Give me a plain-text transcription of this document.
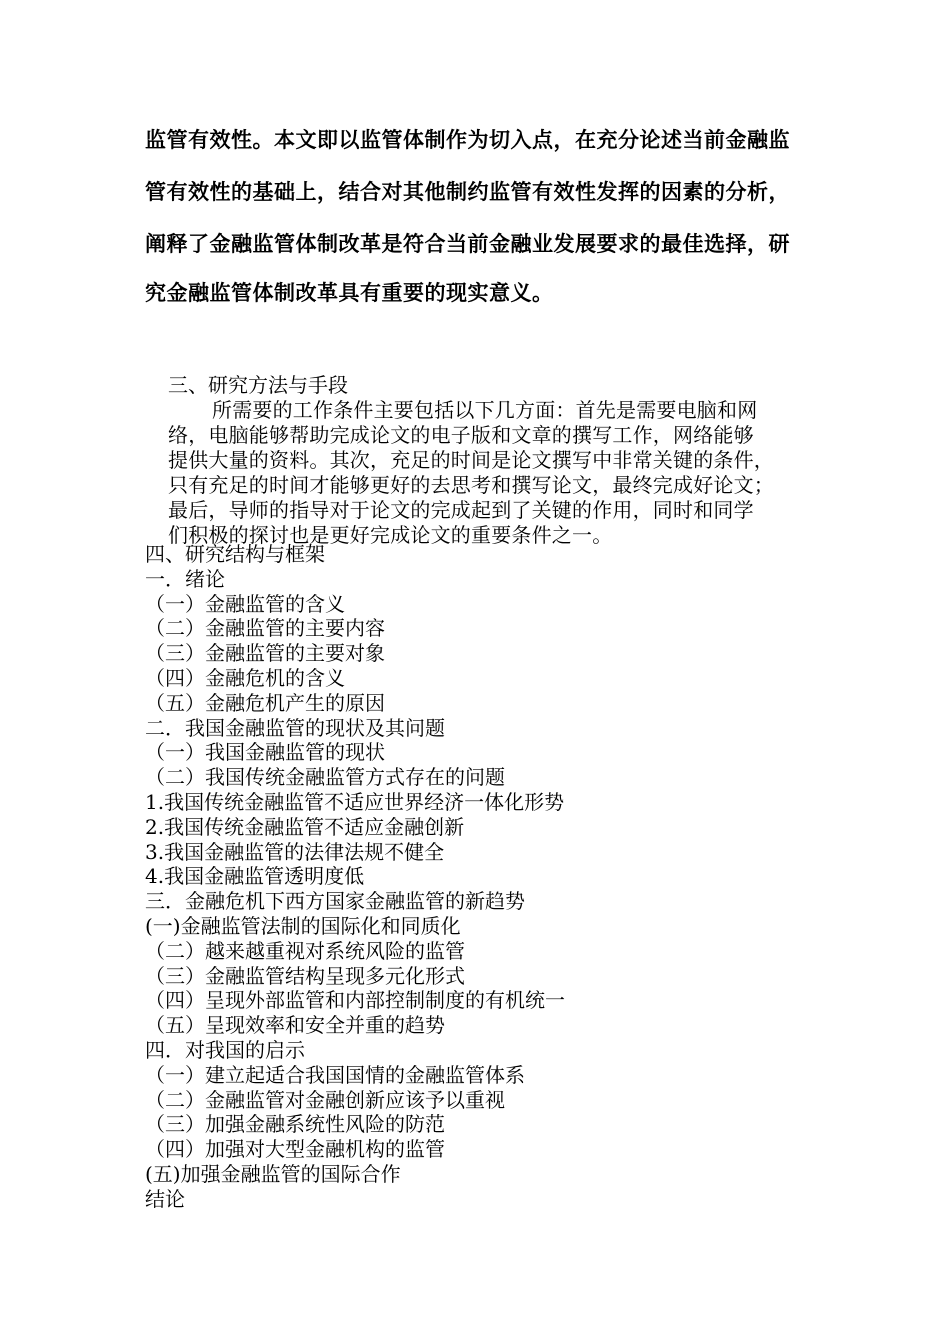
监管有效性。本文即以监管体制作为切入点，在充分论述当前金融监
管有效性的基础上，结合对其他制约监管有效性发挥的因素的分析，
阐释了金融监管体制改革是符合当前金融业发展要求的最佳选择，研
究金融监管体制改革具有重要的现实意义。
三、研究方法与手段
所需要的工作条件主要包括以下几方面：首先是需要电脑和网
络，电脑能够帮助完成论文的电子版和文章的撰写工作，网络能够
提供大量的资料。其次，充足的时间是论文撰写中非常关键的条件，
只有充足的时间才能够更好的去思考和撰写论文，最终完成好论文；
最后，导师的指导对于论文的完成起到了关键的作用，同时和同学
们积极的探讨也是更好完成论文的重要条件之一。
四、研究结构与框架
一．绪论
（一）金融监管的含义
（二）金融监管的主要内容
（三）金融监管的主要对象
（四）金融危机的含义
（五）金融危机产生的原因
二．我国金融监管的现状及其问题
（一）我国金融监管的现状
（二）我国传统金融监管方式存在的问题
1.我国传统金融监管不适应世界经济一体化形势
2.我国传统金融监管不适应金融创新
3.我国金融监管的法律法规不健全
4.我国金融监管透明度低
三．金融危机下西方国家金融监管的新趋势
(一)金融监管法制的国际化和同质化
（二）越来越重视对系统风险的监管
（三）金融监管结构呈现多元化形式
（四）呈现外部监管和内部控制制度的有机统一
（五）呈现效率和安全并重的趋势
四．对我国的启示
（一）建立起适合我国国情的金融监管体系
（二）金融监管对金融创新应该予以重视
（三）加强金融系统性风险的防范
（四）加强对大型金融机构的监管
(五)加强金融监管的国际合作
结论
